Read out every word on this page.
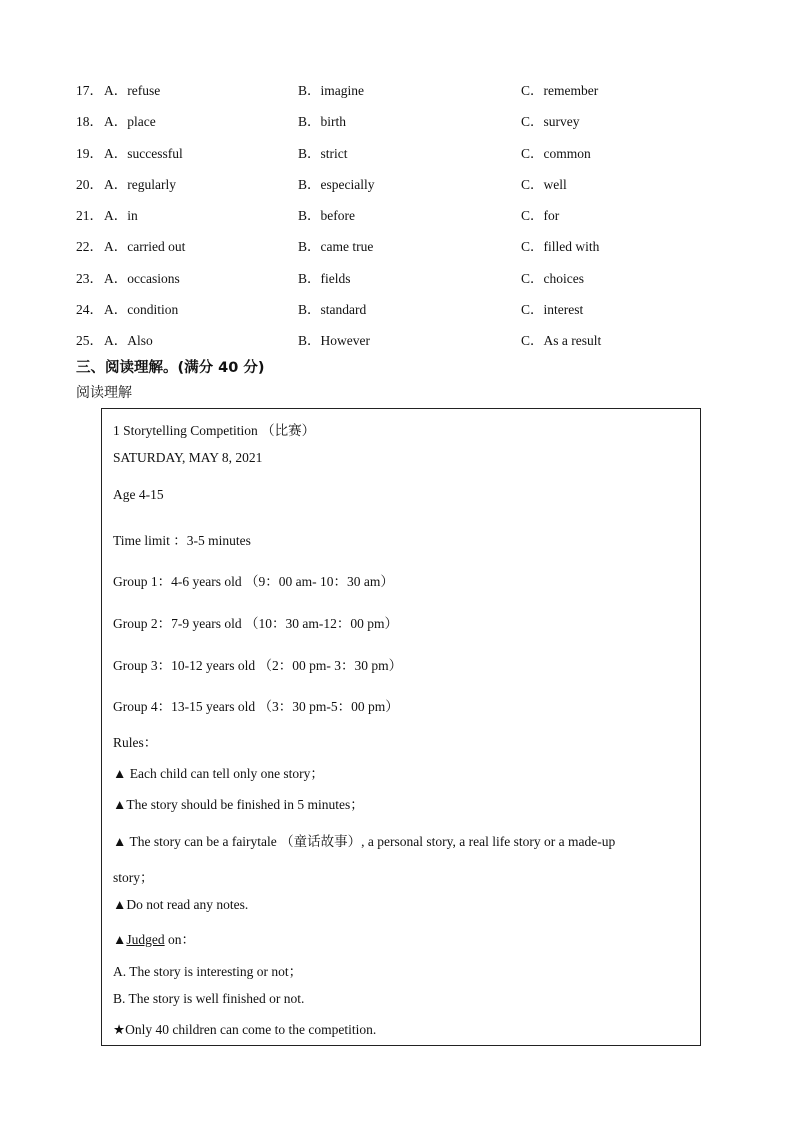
17． A．refuse	B．imagine	C．remember
18． A．place	B．birth	C．survey
19． A．successful	B．strict	C．common
20． A．regularly	B．especially	C．well
21． A．in	B．before	C．for
22． A．carried out	B．came true	C．filled with
23． A．occasions	B．fields	C．choices
24． A．condition	B．standard	C．interest
25． A．Also	B．However	C．As a result
三、阅读理解。(满分 40 分)
阅读理解
1 Storytelling Competition （比赛）
SATURDAY, MAY 8, 2021
Age 4-15
Time limit ：3-5 minutes
Group 1：4-6 years old （9：00 am- 10：30 am）
Group 2：7-9 years old （10：30 am-12：00 pm）
Group 3：10-12 years old （2：00 pm- 3：30 pm）
Group 4：13-15 years old （3：30 pm-5：00 pm）
Rules：
▲ Each child can tell only one story；
▲The story should be finished in 5 minutes；
▲ The story can be a fairytale （童话故事）, a personal story, a real life story or a made-up
story；
▲Do not read any notes.
▲Judged on：
A. The story is interesting or not；
B. The story is well finished or not.
★Only 40 children can come to the competition.
